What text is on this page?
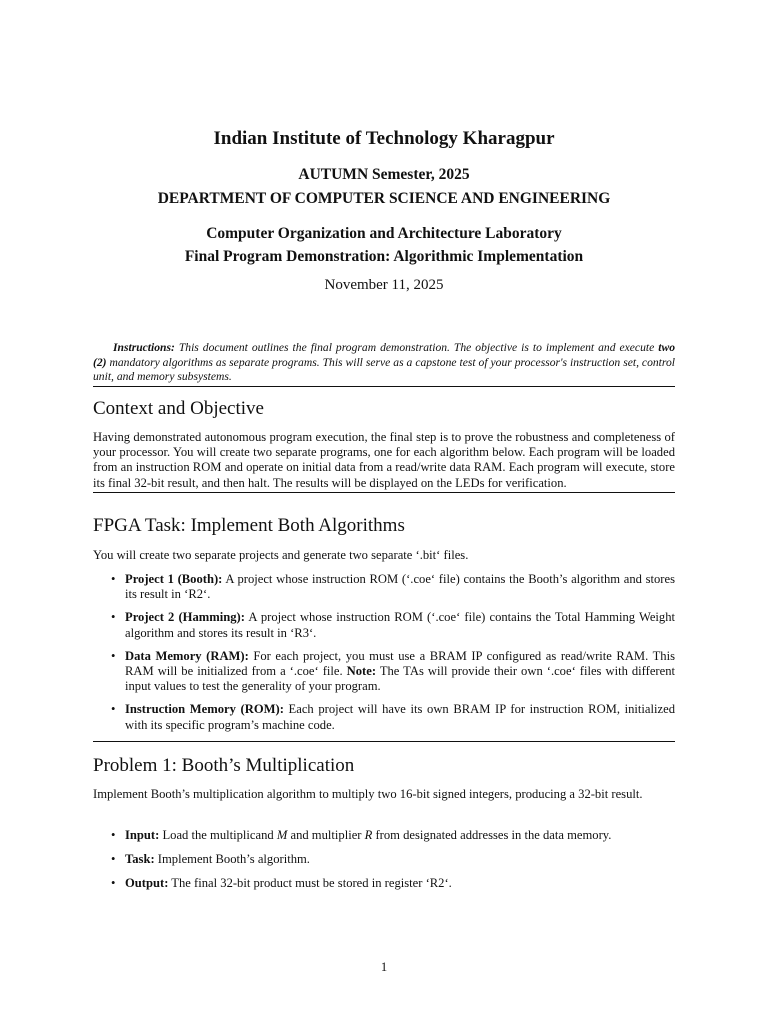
Indian Institute of Technology Kharagpur
AUTUMN Semester, 2025
DEPARTMENT OF COMPUTER SCIENCE AND ENGINEERING
Computer Organization and Architecture Laboratory
Final Program Demonstration: Algorithmic Implementation
November 11, 2025
Instructions: This document outlines the final program demonstration. The objective is to implement and execute two (2) mandatory algorithms as separate programs. This will serve as a capstone test of your processor's instruction set, control unit, and memory subsystems.
Context and Objective

Having demonstrated autonomous program execution, the final step is to prove the robustness and completeness of your processor. You will create two separate programs, one for each algorithm below. Each program will be loaded from an instruction ROM and operate on initial data from a read/write data RAM. Each program will execute, store its final 32-bit result, and then halt. The results will be displayed on the LEDs for verification.

FPGA Task: Implement Both Algorithms

You will create two separate projects and generate two separate ‘.bit‘ files.

• Project 1 (Booth): A project whose instruction ROM (‘.coe‘ file) contains the Booth’s algorithm and stores its result in ‘R2‘.
• Project 2 (Hamming): A project whose instruction ROM (‘.coe‘ file) contains the Total Hamming Weight algorithm and stores its result in ‘R3‘.
• Data Memory (RAM): For each project, you must use a BRAM IP configured as read/write RAM. This RAM will be initialized from a ‘.coe‘ file. Note: The TAs will provide their own ‘.coe‘ files with different input values to test the generality of your program.
• Instruction Memory (ROM): Each project will have its own BRAM IP for instruction ROM, initialized with its specific program’s machine code.
Problem 1: Booth’s Multiplication

Implement Booth’s multiplication algorithm to multiply two 16-bit signed integers, producing a 32-bit result.

• Input: Load the multiplicand M and multiplier R from designated addresses in the data memory.
• Task: Implement Booth’s algorithm.
• Output: The final 32-bit product must be stored in register ‘R2‘.
1
